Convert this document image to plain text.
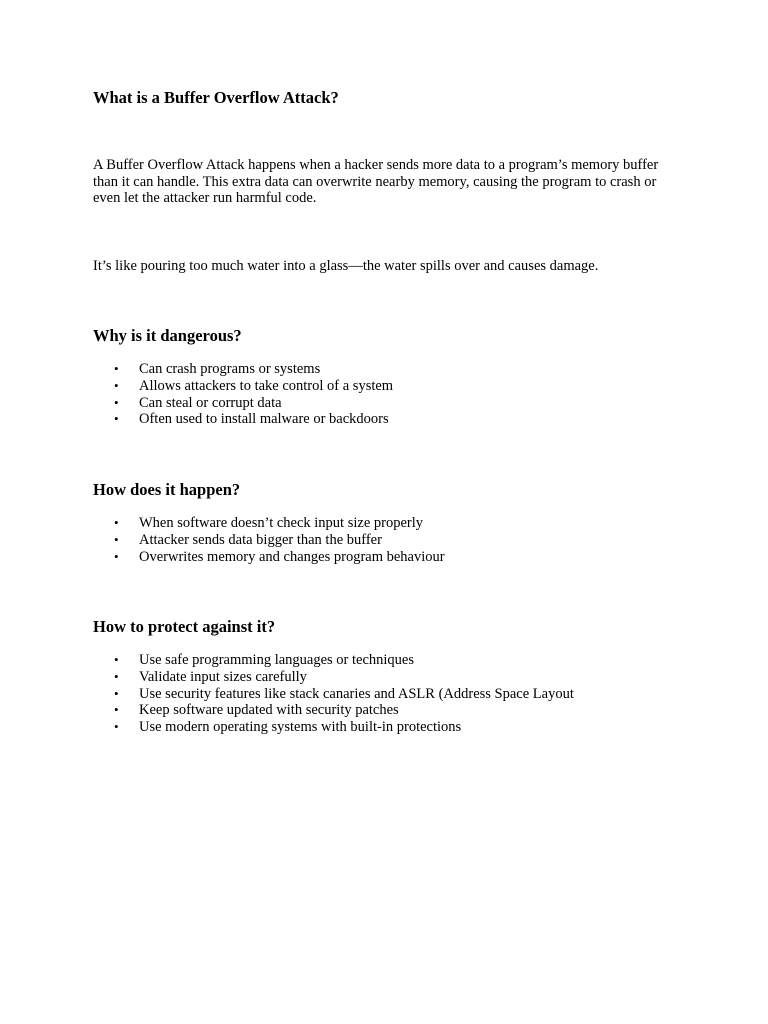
What is a Buffer Overflow Attack?

A Buffer Overflow Attack happens when a hacker sends more data to a program’s memory buffer than it can handle. This extra data can overwrite nearby memory, causing the program to crash or even let the attacker run harmful code.

It’s like pouring too much water into a glass—the water spills over and causes damage.

Why is it dangerous?
•	Can crash programs or systems
•	Allows attackers to take control of a system
•	Can steal or corrupt data
•	Often used to install malware or backdoors
How does it happen?
•	When software doesn’t check input size properly
•	Attacker sends data bigger than the buffer
•	Overwrites memory and changes program behaviour
How to protect against it?
•	Use safe programming languages or techniques
•	Validate input sizes carefully
•	Use security features like stack canaries and ASLR (Address Space Layout
•	Keep software updated with security patches
•	Use modern operating systems with built-in protections
